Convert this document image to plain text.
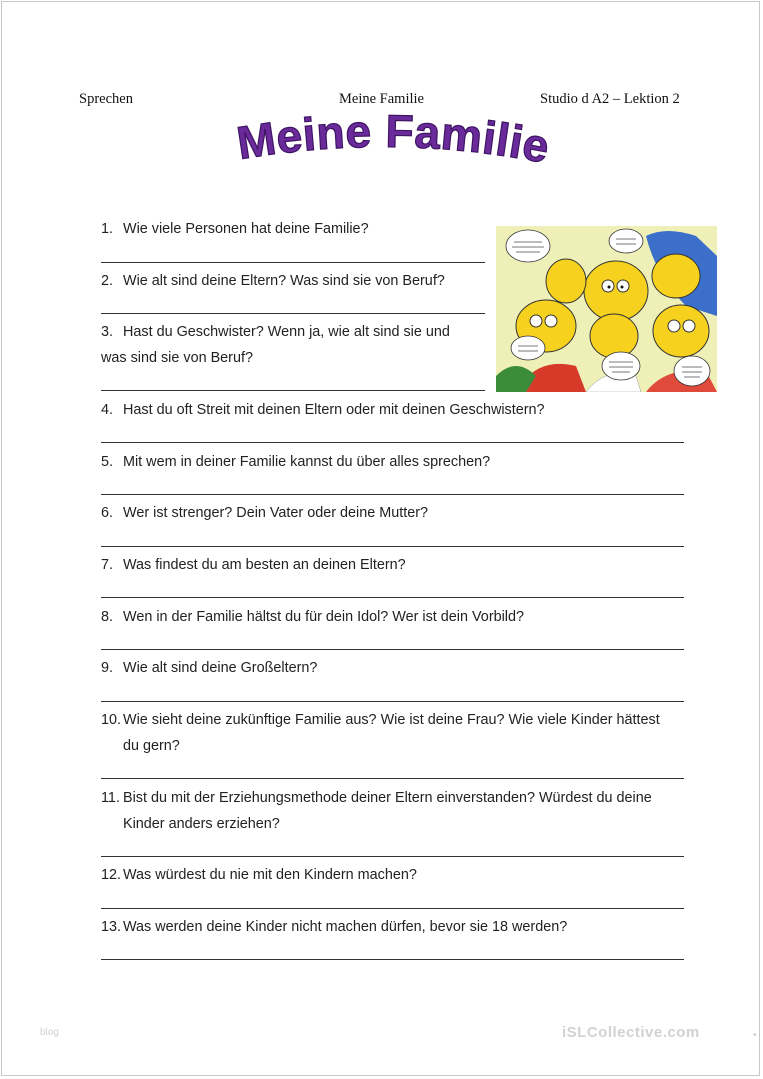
Sprechen	Meine Familie	Studio d A2 – Lektion 2
Meine Familie
1. Wie viele Personen hat deine Familie?
2. Wie alt sind deine Eltern? Was sind sie von Beruf?
3. Hast du Geschwister? Wenn ja, wie alt sind sie und
was sind sie von Beruf?
4. Hast du oft Streit mit deinen Eltern oder mit deinen Geschwistern?
5. Mit wem in deiner Familie kannst du über alles sprechen?
6. Wer ist strenger? Dein Vater oder deine Mutter?
7. Was findest du am besten an deinen Eltern?
8. Wen in der Familie hältst du für dein Idol? Wer ist dein Vorbild?
9. Wie alt sind deine Großeltern?
10. Wie sieht deine zukünftige Familie aus? Wie ist deine Frau? Wie viele Kinder hättest
du gern?
11. Bist du mit der Erziehungsmethode deiner Eltern einverstanden? Würdest du deine
Kinder anders erziehen?
12. Was würdest du nie mit den Kindern machen?
13. Was werden deine Kinder nicht machen dürfen, bevor sie 18 werden?
blog	iSLCollective.com	•
